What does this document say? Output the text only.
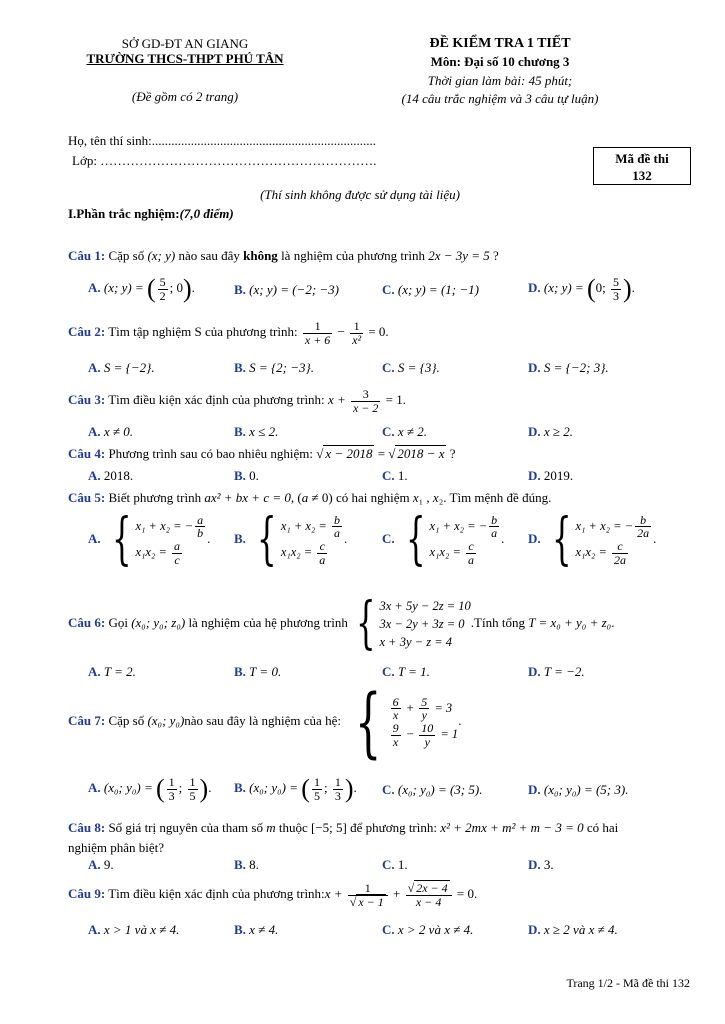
SỞ GD-ĐT AN GIANG
TRƯỜNG THCS-THPT PHÚ TÂN
(Đề gồm có 2 trang)
ĐỀ KIỂM TRA 1 TIẾT
Môn: Đại số 10 chương 3
Thời gian làm bài: 45 phút;
(14 câu trắc nghiệm và 3 câu tự luận)
Họ, tên thí sinh:.....................................................................
Lớp: ……………………………………………………….	Mã đề thi
132
(Thí sinh không được sử dụng tài liệu)
I.Phần trắc nghiệm:(7,0 điểm)
Câu 1: Cặp số (x; y) nào sau đây không là nghiệm của phương trình 2x − 3y = 5 ?
A. (x; y) = ( $\frac{5}{2}$ ; 0).	B. (x; y) = (−2; −3)	C. (x; y) = (1; −1)	D. (x; y) = (0; $\frac{5}{3}$ ).
Câu 2: Tìm tập nghiệm S của phương trình: $\frac{1}{x + 6} - \frac{1}{\text{x²}} = 0$.
A. S = {−2}.	B. S = {2; −3}.	C. S = {3}.	D. S = {−2; 3}.
Câu 3: Tìm điều kiện xác định của phương trình: $x + \frac{3}{x - 2} = 1$.
A. x ≠ 0.	B. x ≤ 2.	C. x ≠ 2.	D. x ≥ 2.
Câu 4: Phương trình sau có bao nhiêu nghiệm: √ x − 2018 = √ 2018 − x ?
A. 2018.	B. 0.	C. 1.	D. 2019.
Câu 5: Biết phương trình ax² + bx + c = 0, (a ≠ 0) có hai nghiệm x₁ , x₂. Tìm mệnh đề đúng.
A. { x₁ + x₂ = − $\frac{a}{b}$
$x_1x_2 = \frac{a}{c}$
. B. { $x_1 + x_2 = \frac{b}{a}$
$x_1x_2 = \frac{c}{a}$
.	C. { x₁ + x₂ = − $\frac{b}{a}$
$x_1x_2 = \frac{c}{a}$
. D. { x₁ + x₂ = − $\frac{b}{2a}$
$x_1x_2 = \frac{c}{2a}$
.
Câu 6: Gọi (x₀; y₀; z₀) là nghiệm của hệ phương trình { 3x + 5y − 2z = 10
3x − 2y + 3z = 0
x + 3y − z = 4
.Tính tổng T = x₀ + y₀ + z₀.
A. T = 2.	B. T = 0.	C. T = 1.	D. T = −2.
Câu 7: Cặp số (x₀; y₀)nào sau đây là nghiệm của hệ: { $\frac{6}{x} + \frac{5}{y} = 3$
$\frac{9}{x} - \frac{10}{y} = 1$
.
A. (x₀; y₀) = ( $\frac{1}{3}$ ; $\frac{1}{5}$ ). B. (x₀; y₀) = ( $\frac{1}{5}$ ; $\frac{1}{3}$ ). C. (x₀; y₀) = (3; 5).	D. (x₀; y₀) = (5; 3).
Câu 8: Số giá trị nguyên của tham số m thuộc [−5; 5] để phương trình: x² + 2mx + m² + m − 3 = 0 có hai
nghiệm phân biệt?
A. 9.	B. 8.	C. 1.	D. 3.
Câu 9: Tìm điều kiện xác định của phương trình:x + $\frac{1}{√ x - 1} + \frac{√ 2x - 4}{x - 4} = 0$.
A. x > 1 và x ≠ 4.	B. x ≠ 4.	C. x > 2 và x ≠ 4.	D. x ≥ 2 và x ≠ 4.
Trang 1/2 - Mã đề thi 132
